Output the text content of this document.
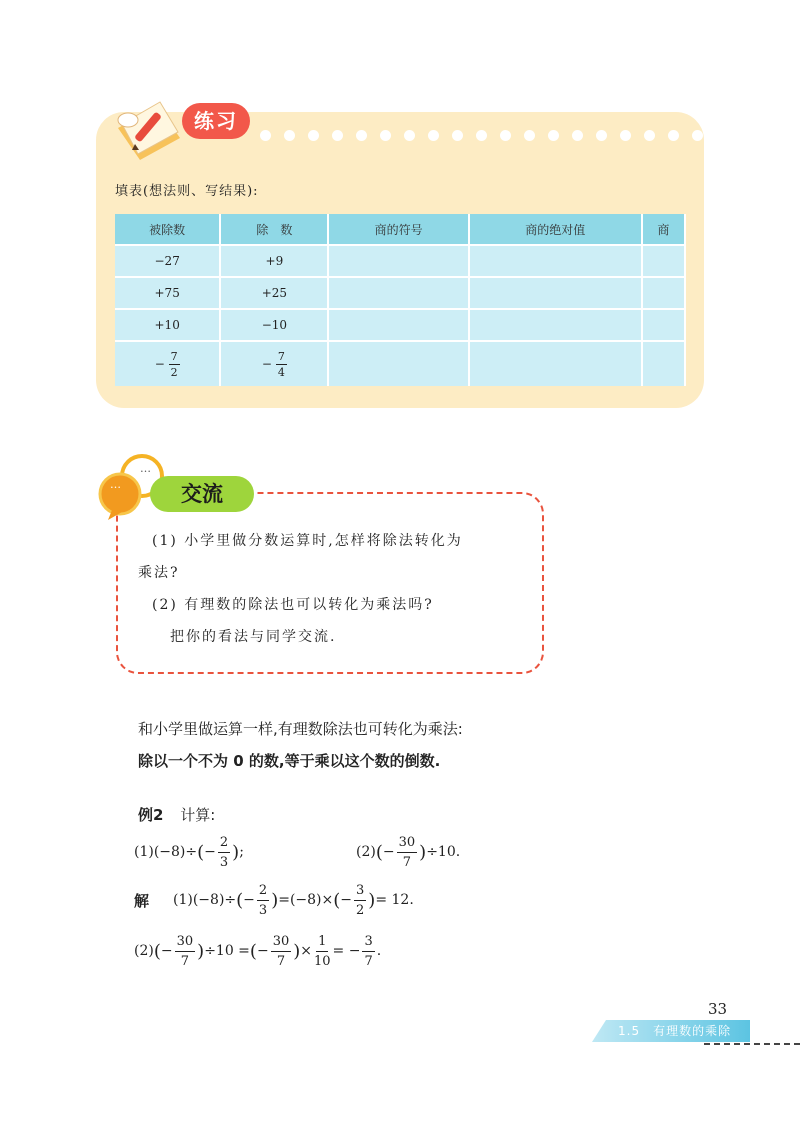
练习
填表(想法则、写结果):
被除数	除　数	商的符号	商的绝对值	商
−27	+9			
+75	+25			
+10	−10			
− $\frac{7}{2}$	− $\frac{7}{4}$

…
…	交流
(1) 小学里做分数运算时,怎样将除法转化为
乘法?
(2) 有理数的除法也可以转化为乘法吗?
把你的看法与同学交流.
和小学里做运算一样,有理数除法也可转化为乘法:
除以一个不为 0 的数,等于乘以这个数的倒数.
例2 计算:
(1)(−8)÷ ( − $\frac{2}{3}$ ) ;	(2) ( − $\frac{30}{7}$ ) ÷10.
解 (1)(−8)÷ ( − $\frac{2}{3}$ ) =(−8)× ( − $\frac{3}{2}$ ) = 12.
(2) ( − $\frac{30}{7}$ ) ÷10 = ( − $\frac{30}{7}$ ) × $\frac{1}{10}$ = − $\frac{3}{7}$ .
33
1.5　有理数的乘除
